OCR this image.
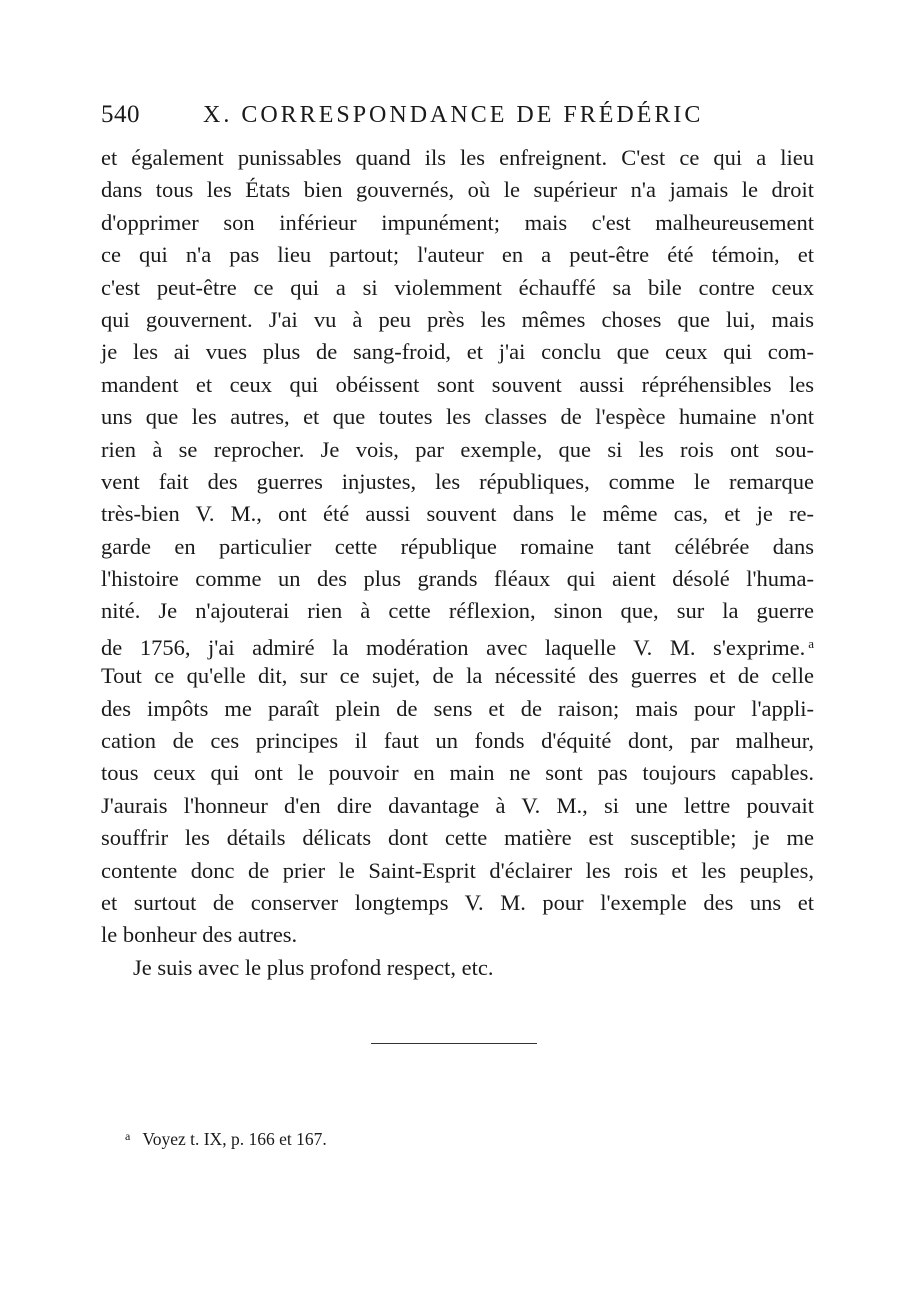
540	X. CORRESPONDANCE DE FRÉDÉRIC
et également punissables quand ils les enfreignent. C'est ce qui a lieu
dans tous les États bien gouvernés, où le supérieur n'a jamais le droit
d'opprimer son inférieur impunément; mais c'est malheureusement
ce qui n'a pas lieu partout; l'auteur en a peut-être été témoin, et
c'est peut-être ce qui a si violemment échauffé sa bile contre ceux
qui gouvernent. J'ai vu à peu près les mêmes choses que lui, mais
je les ai vues plus de sang-froid, et j'ai conclu que ceux qui com-
mandent et ceux qui obéissent sont souvent aussi répréhensibles les
uns que les autres, et que toutes les classes de l'espèce humaine n'ont
rien à se reprocher. Je vois, par exemple, que si les rois ont sou-
vent fait des guerres injustes, les républiques, comme le remarque
très-bien V. M., ont été aussi souvent dans le même cas, et je re-
garde en particulier cette république romaine tant célébrée dans
l'histoire comme un des plus grands fléaux qui aient désolé l'huma-
nité. Je n'ajouterai rien à cette réflexion, sinon que, sur la guerre
de 1756, j'ai admiré la modération avec laquelle V. M. s'exprime. $^a$
Tout ce qu'elle dit, sur ce sujet, de la nécessité des guerres et de celle
des impôts me paraît plein de sens et de raison; mais pour l'appli-
cation de ces principes il faut un fonds d'équité dont, par malheur,
tous ceux qui ont le pouvoir en main ne sont pas toujours capables.
J'aurais l'honneur d'en dire davantage à V. M., si une lettre pouvait
souffrir les détails délicats dont cette matière est susceptible; je me
contente donc de prier le Saint-Esprit d'éclairer les rois et les peuples,
et surtout de conserver longtemps V. M. pour l'exemple des uns et
le bonheur des autres.
Je suis avec le plus profond respect, etc.
$^a$ Voyez t. IX, p. 166 et 167.
